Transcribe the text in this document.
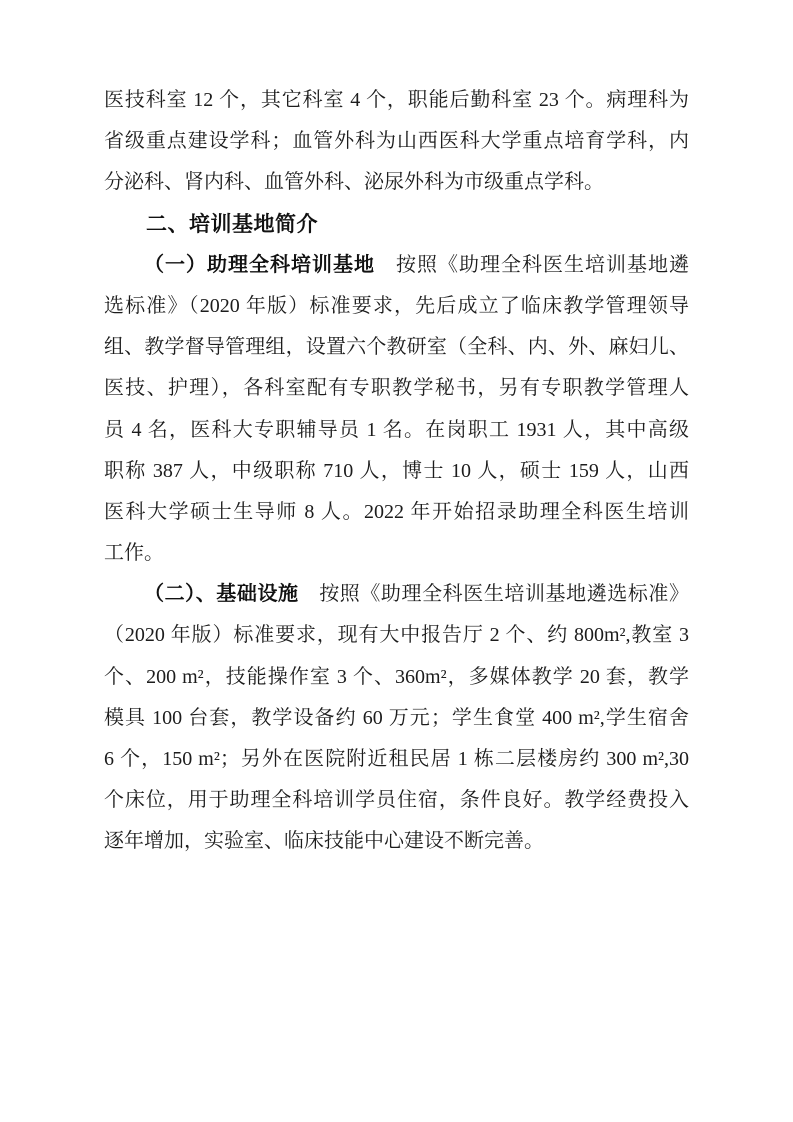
医技科室 12 个，其它科室 4 个，职能后勤科室 23 个。病理科为
省级重点建设学科；血管外科为山西医科大学重点培育学科，内
分泌科、肾内科、血管外科、泌尿外科为市级重点学科。
二、培训基地简介
（一）助理全科培训基地　按照《助理全科医生培训基地遴
选标准》（2020 年版）标准要求，先后成立了临床教学管理领导
组、教学督导管理组，设置六个教研室（全科、内、外、麻妇儿、
医技、护理），各科室配有专职教学秘书，另有专职教学管理人
员 4 名，医科大专职辅导员 1 名。在岗职工 1931 人，其中高级
职称 387 人，中级职称 710 人，博士 10 人，硕士 159 人，山西
医科大学硕士生导师 8 人。2022 年开始招录助理全科医生培训
工作。
（二）、基础设施　按照《助理全科医生培训基地遴选标准》
（2020 年版）标准要求，现有大中报告厅 2 个、约 800m²,教室 3
个、200 m²，技能操作室 3 个、360m²，多媒体教学 20 套，教学
模具 100 台套，教学设备约 60 万元；学生食堂 400 m²,学生宿舍
6 个，150 m²；另外在医院附近租民居 1 栋二层楼房约 300 m²,30
个床位，用于助理全科培训学员住宿，条件良好。教学经费投入
逐年增加，实验室、临床技能中心建设不断完善。
